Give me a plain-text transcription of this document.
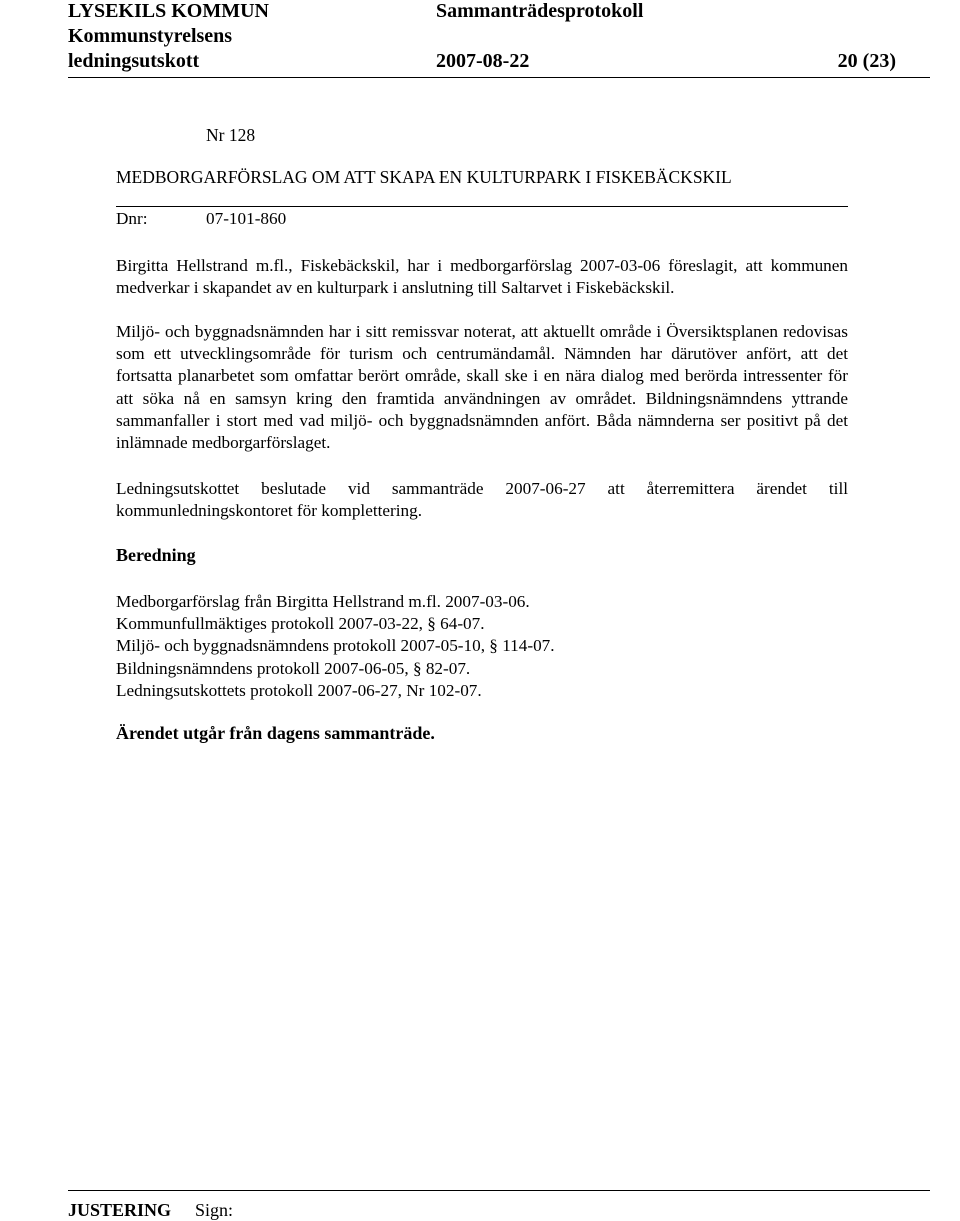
LYSEKILS KOMMUN
Kommunstyrelsens
ledningsutskott
Sammanträdesprotokoll
2007-08-22	20 (23)
Nr 128
MEDBORGARFÖRSLAG OM ATT SKAPA EN KULTURPARK I FISKEBÄCKSKIL
Dnr:	07-101-860
Birgitta Hellstrand m.fl., Fiskebäckskil, har i medborgarförslag 2007-03-06 föreslagit, att kommunen medverkar i skapandet av en kulturpark i anslutning till Saltarvet i Fiskebäckskil.
Miljö- och byggnadsnämnden har i sitt remissvar noterat, att aktuellt område i Översiktsplanen redovisas som ett utvecklingsområde för turism och centrumändamål. Nämnden har därutöver anfört, att det fortsatta planarbetet som omfattar berört område, skall ske i en nära dialog med berörda intressenter för att söka nå en samsyn kring den framtida användningen av området. Bildningsnämndens yttrande sammanfaller i stort med vad miljö- och byggnadsnämnden anfört. Båda nämnderna ser positivt på det inlämnade medborgarförslaget.
Ledningsutskottet beslutade vid sammanträde 2007-06-27 att återremittera ärendet till kommunledningskontoret för komplettering.
Beredning
Medborgarförslag från Birgitta Hellstrand m.fl. 2007-03-06.
Kommunfullmäktiges protokoll 2007-03-22, § 64-07.
Miljö- och byggnadsnämndens protokoll 2007-05-10, § 114-07.
Bildningsnämndens protokoll 2007-06-05, § 82-07.
Ledningsutskottets protokoll 2007-06-27, Nr 102-07.
Ärendet utgår från dagens sammanträde.
JUSTERING Sign:
